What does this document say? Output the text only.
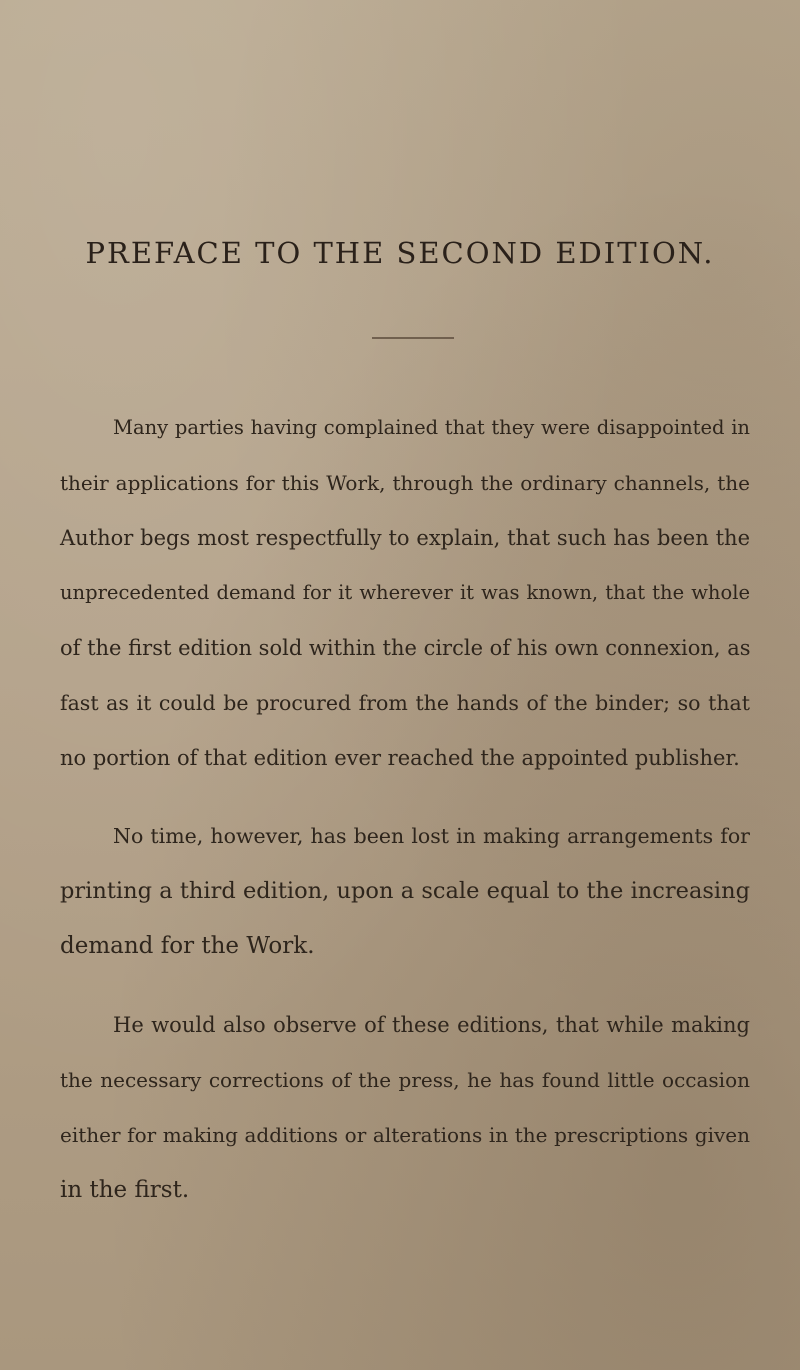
PREFACE TO THE SECOND EDITION.
Many parties having complained that they were disappointed in
their applications for this Work, through the ordinary channels, the
Author begs most respectfully to explain, that such has been the
unprecedented demand for it wherever it was known, that the whole
of the first edition sold within the circle of his own connexion, as
fast as it could be procured from the hands of the binder; so that
no portion of that edition ever reached the appointed publisher.
No time, however, has been lost in making arrangements for
printing a third edition, upon a scale equal to the increasing
demand for the Work.
He would also observe of these editions, that while making
the necessary corrections of the press, he has found little occasion
either for making additions or alterations in the prescriptions given
in the first.
